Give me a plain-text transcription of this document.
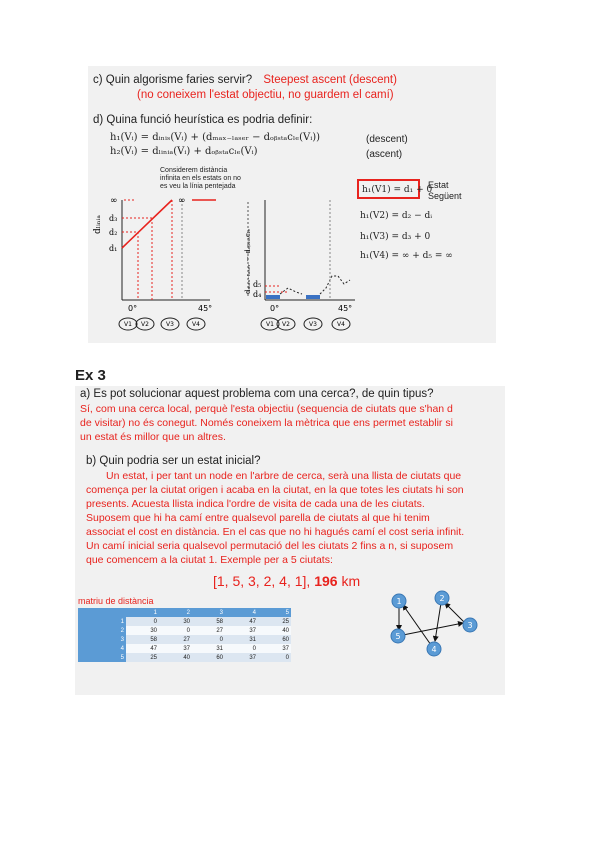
c) Quin algorisme faries servir? Steepest ascent (descent)
(no coneixem l'estat objectiu, no guardem el camí)
d) Quina funció heurística es podria definir:
h₁(Vᵢ) = dᵢₙᵢₛ(Vᵢ) + (dₘₐₓ₋ₗₐₛₑᵣ − dₒᵦₛₜₐcₗₑ(Vᵢ))
h₂(Vᵢ) = dₗᵢₙᵢₐ(Vᵢ) + dₒᵦₛₜₐcₗₑ(Vᵢ)
(descent)
(ascent)
Considerem distància
infinita en els estats on no
es veu la línia pentejada
dₗᵢₙᵢₐ
∞
d₃
d₂
d₁
∞
0°	45°
V1 V2	V3	V4
dₘₐₓ₋ₗₐₛₑᵣ − dₒᵦₛₜₐcₗₑ d₅
d₄
0°	45°
V1 V2	V3	V4
h₁(V1) = d₁ + 0
Estat
Següent
h₁(V2) = d₂ − dᵢ
h₁(V3) = d₃ + 0
h₁(V4) = ∞ + d₅ = ∞
Ex 3
a) Es pot solucionar aquest problema com una cerca?, de quin tipus?
Sí, com una cerca local, perquè l'esta objectiu (sequencia de ciutats que s'han d
de visitar) no és conegut. Només coneixem la mètrica que ens permet establir si
un estat és millor que un altres.
b) Quin podria ser un estat inicial?
Un estat, i per tant un node en l'arbre de cerca, serà una llista de ciutats que
comença per la ciutat origen i acaba en la ciutat, en la que totes les ciutats hi son
presents. Acuesta llista indica l'ordre de visita de cada una de les ciutats.
Suposem que hi ha camí entre qualsevol parella de ciutats al que hi tenim
associat el cost en distància. En el cas que no hi hagués camí el cost seria infinit.
Un camí inicial seria qualsevol permutació del les ciutats 2 fins a n, si suposem
que comencem a la ciutat 1. Exemple per a 5 ciutats:
[1, 5, 3, 2, 4, 1], 196 km
matriu de distància
	1	2	3	4	5
1	0	30	58	47	25
2	30	0	27	37	40
3	58	27	0	31	60
4	47	37	31	0	37
5	25	40	60	37	0
1	2
3
4
5
